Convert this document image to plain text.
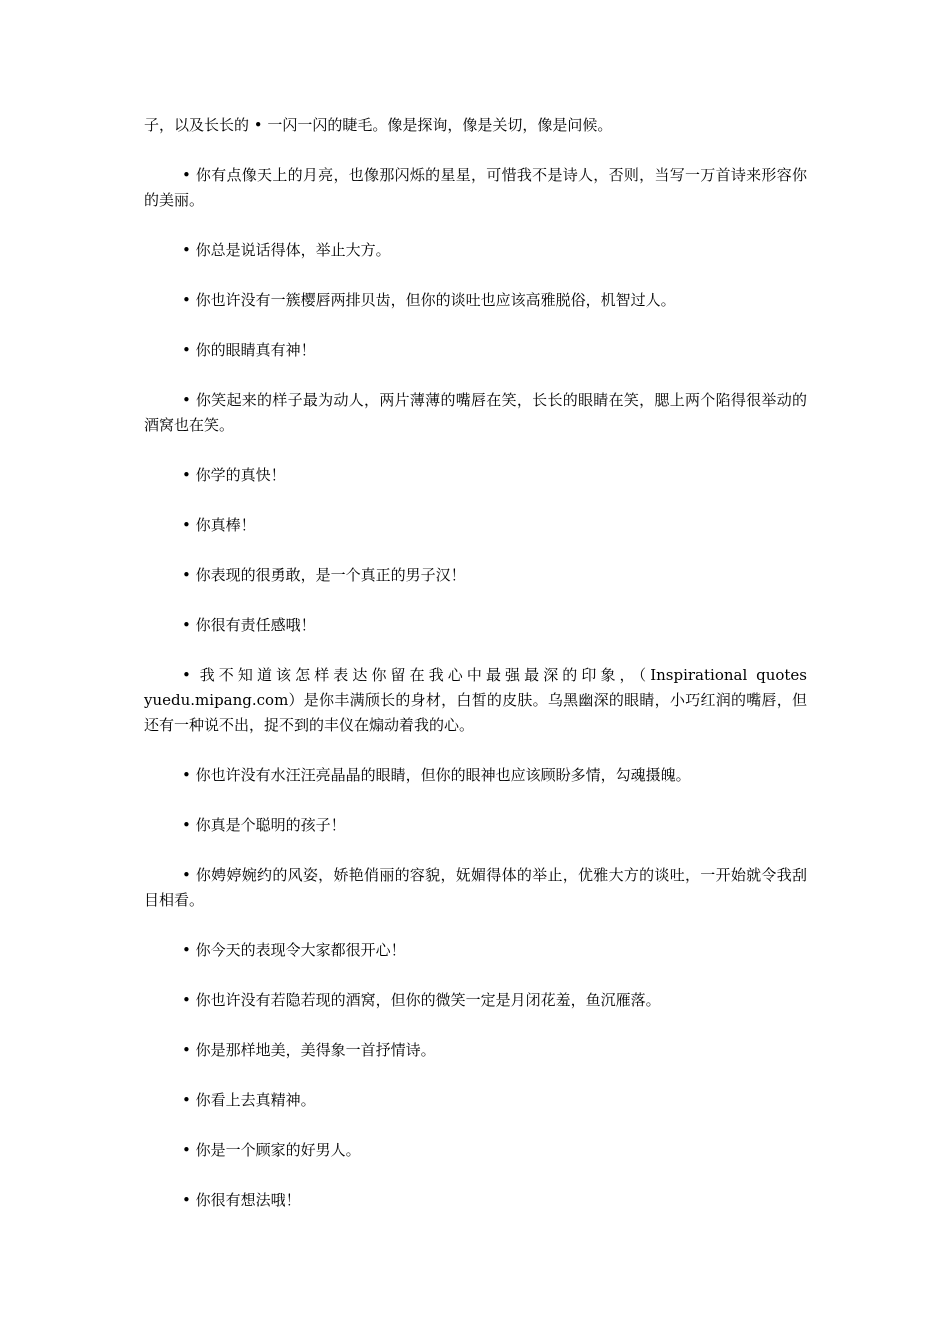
子，以及长长的 • 一闪一闪的睫毛。像是探询，像是关切，像是问候。

• 你有点像天上的月亮，也像那闪烁的星星，可惜我不是诗人，否则，当写一万首诗来形容你的美丽。

• 你总是说话得体，举止大方。

• 你也许没有一簇樱唇两排贝齿，但你的谈吐也应该高雅脱俗，机智过人。

• 你的眼睛真有神！

• 你笑起来的样子最为动人，两片薄薄的嘴唇在笑，长长的眼睛在笑，腮上两个陷得很举动的酒窝也在笑。

• 你学的真快！

• 你真棒！

• 你表现的很勇敢，是一个真正的男子汉！

• 你很有责任感哦！

• 我不知道该怎样表达你留在我心中最强最深的印象，（Inspirational quotes yuedu.mipang.com）是你丰满颀长的身材，白皙的皮肤。乌黑幽深的眼睛，小巧红润的嘴唇，但还有一种说不出，捉不到的丰仪在煽动着我的心。

• 你也许没有水汪汪亮晶晶的眼睛，但你的眼神也应该顾盼多情，勾魂摄魄。

• 你真是个聪明的孩子！

• 你娉婷婉约的风姿，娇艳俏丽的容貌，妩媚得体的举止，优雅大方的谈吐，一开始就令我刮目相看。

• 你今天的表现令大家都很开心！

• 你也许没有若隐若现的酒窝，但你的微笑一定是月闭花羞，鱼沉雁落。

• 你是那样地美，美得象一首抒情诗。

• 你看上去真精神。

• 你是一个顾家的好男人。

• 你很有想法哦！
